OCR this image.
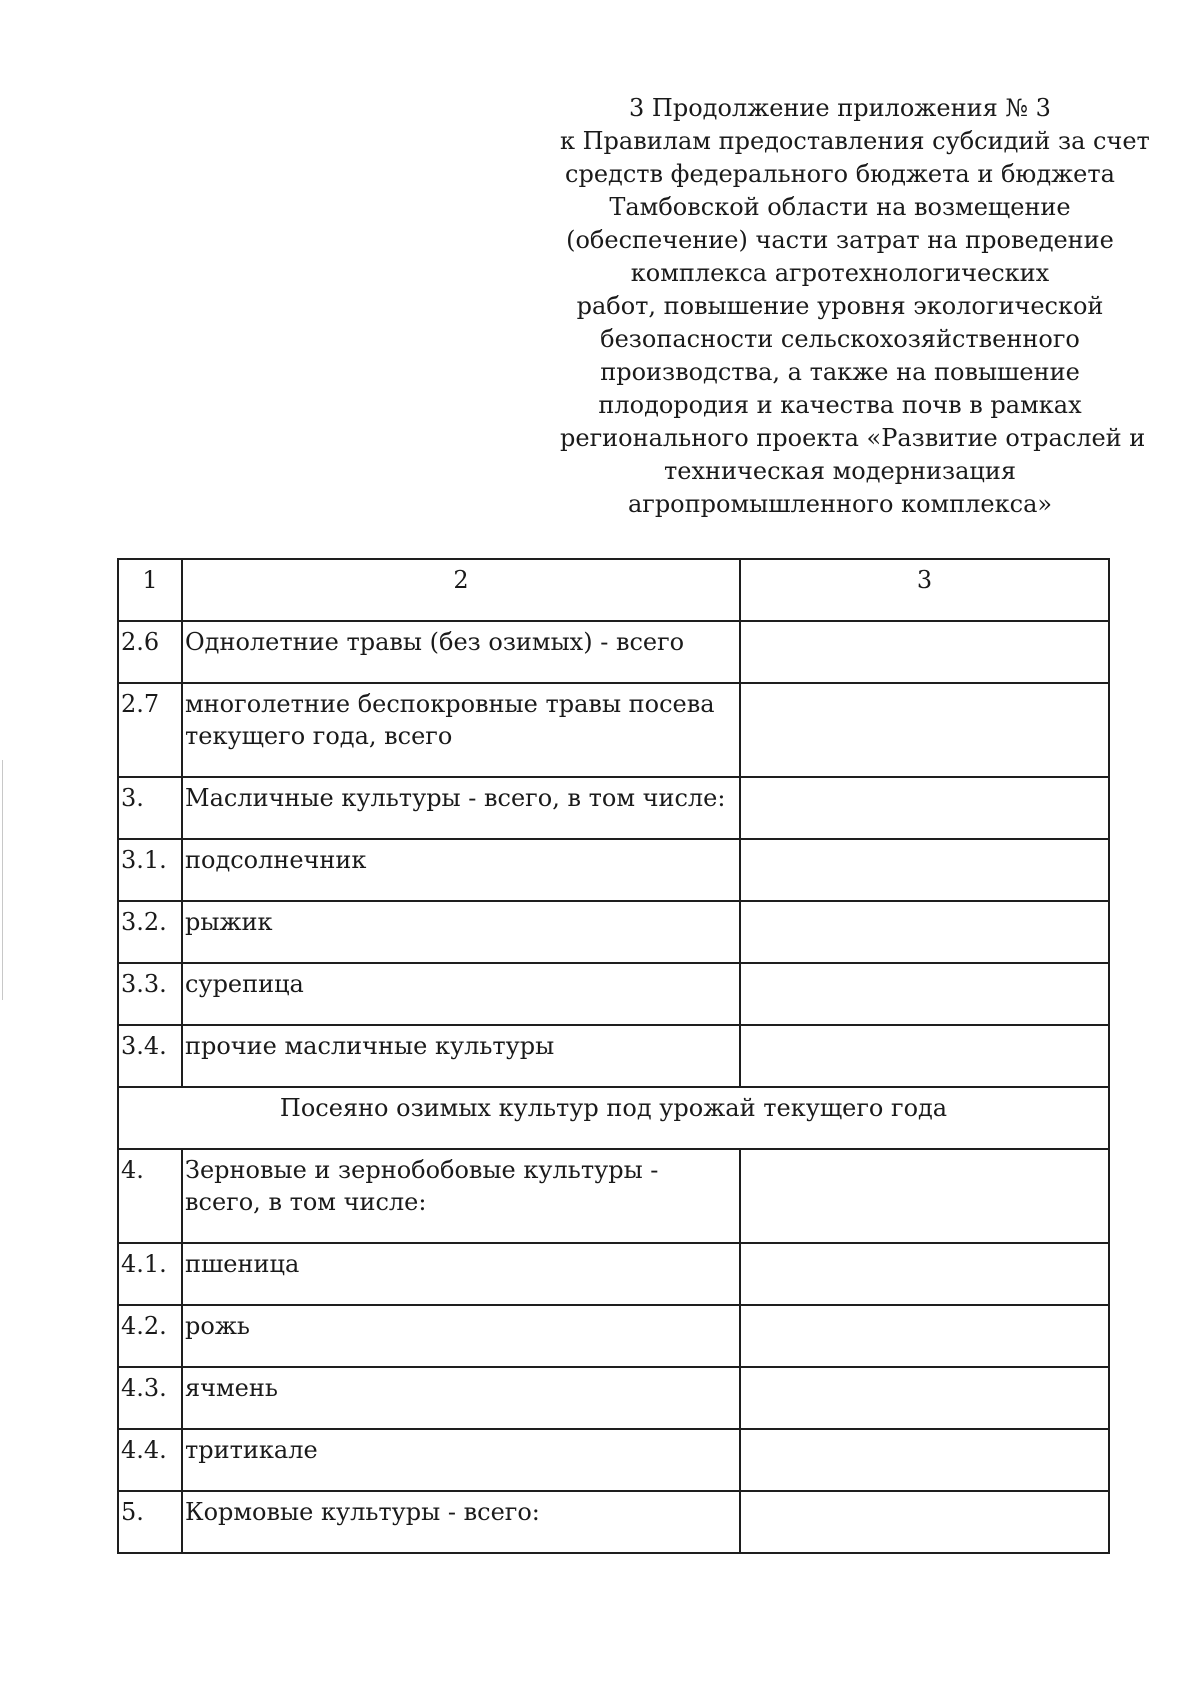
3 Продолжение приложения № 3
к Правилам предоставления субсидий за счет
средств федерального бюджета и бюджета
Тамбовской области на возмещение
(обеспечение) части затрат на проведение
комплекса агротехнологических
работ, повышение уровня экологической
безопасности сельскохозяйственного
производства, а также на повышение
плодородия и качества почв в рамках
регионального проекта «Развитие отраслей и
техническая модернизация
агропромышленного комплекса»
1	2	3
2.6	Однолетние травы (без озимых) - всего	
2.7	многолетние беспокровные травы посева текущего года, всего	
3.	Масличные культуры - всего, в том числе:	
3.1.	подсолнечник	
3.2.	рыжик	
3.3.	сурепица	
3.4.	прочие масличные культуры	
Посеяно озимых культур под урожай текущего года		
4.	Зерновые и зернобобовые культуры - всего, в том числе:	
4.1.	пшеница	
4.2.	рожь	
4.3.	ячмень	
4.4.	тритикале	
5.	Кормовые культуры - всего:	
